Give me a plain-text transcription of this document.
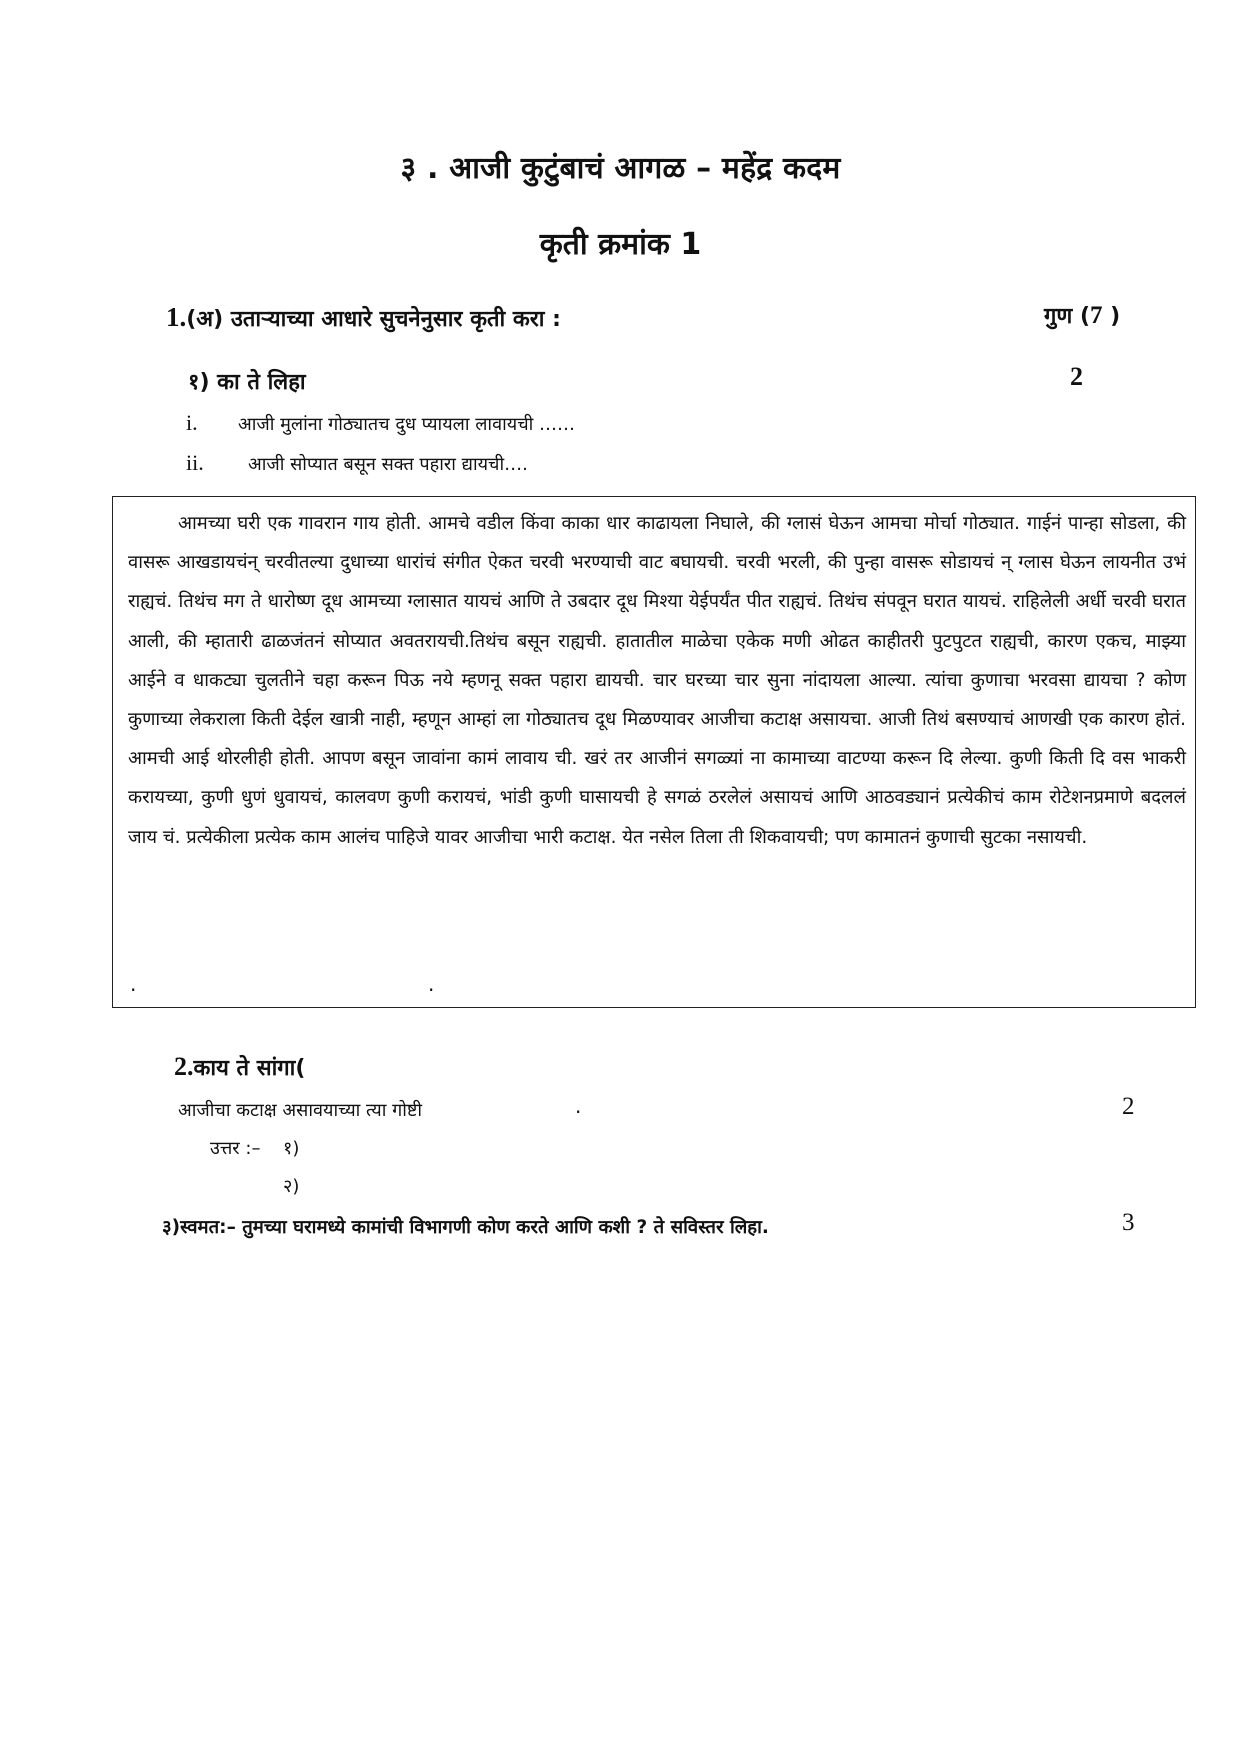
३ . आजी कुटुंबाचं आगळ – महेंद्र कदम
कृती क्रमांक 1
1.(अ) उताऱ्याच्या आधारे सुचनेनुसार कृती करा :	गुण (7 )
१) का ते लिहा	2
i. आजी मुलांना गोठ्यातच दुध प्यायला लावायची ……
ii. आजी सोप्यात बसून सक्त पहारा द्यायची….

आमच्या घरी एक गावरान गाय होती. आमचे वडील किंवा काका धार काढायला निघाले, की ग्लासं घेऊन आमचा मोर्चा गोठ्यात. गाईनं पान्हा सोडला, की वासरू आखडायचंन् चरवीतल्या दुधाच्या धारांचं संगीत ऐकत चरवी भरण्याची वाट बघायची. चरवी भरली, की पुन्हा वासरू सोडायचं न् ग्लास घेऊन लायनीत उभं राह्यचं. तिथंच मग ते धारोष्ण दूध आमच्या ग्लासात यायचं आणि ते उबदार दूध मिश्या येईपर्यंत पीत राह्यचं. तिथंच संपवून घरात यायचं. राहिलेली अर्धी चरवी घरात आली, की म्हातारी ढाळजंतनं सोप्यात अवतरायची.तिथंच बसून राह्यची. हातातील माळेचा एकेक मणी ओढत काहीतरी पुटपुटत राह्यची, कारण एकच, माझ्या आईने व धाकट्या चुलतीने चहा करून पिऊ नये म्हणनू सक्त पहारा द्यायची. चार घरच्या चार सुना नांदायला आल्या. त्यांचा कुणाचा भरवसा द्यायचा ? कोण कुणाच्या लेकराला किती देईल खात्री नाही, म्हणून आम्हां ला गोठ्यातच दूध मिळण्यावर आजीचा कटाक्ष असायचा. आजी तिथं बसण्याचं आणखी एक कारण होतं. आमची आई थोरलीही होती. आपण बसून जावांना कामं लावाय ची. खरं तर आजीनं सगळ्यां ना कामाच्या वाटण्या करून दि लेल्या. कुणी किती दि वस भाकरी करायच्या, कुणी धुणं धुवायचं, कालवण कुणी करायचं, भांडी कुणी घासायची हे सगळं ठरलेलं असायचं आणि आठवड्यानं प्रत्येकीचं काम रोटेशनप्रमाणे बदललं जाय चं. प्रत्येकीला प्रत्येक काम आलंच पाहिजे यावर आजीचा भारी कटाक्ष. येत नसेल तिला ती शिकवायची; पण कामातनं कुणाची सुटका नसायची.

.	.
2.काय ते सांगा(
आजीचा कटाक्ष असावयाच्या त्या गोष्टी	.	2
उत्तर :– १)
२)
३)स्वमत:– तुमच्या घरामध्ये कामांची विभागणी कोण करते आणि कशी ? ते सविस्तर लिहा.	3
